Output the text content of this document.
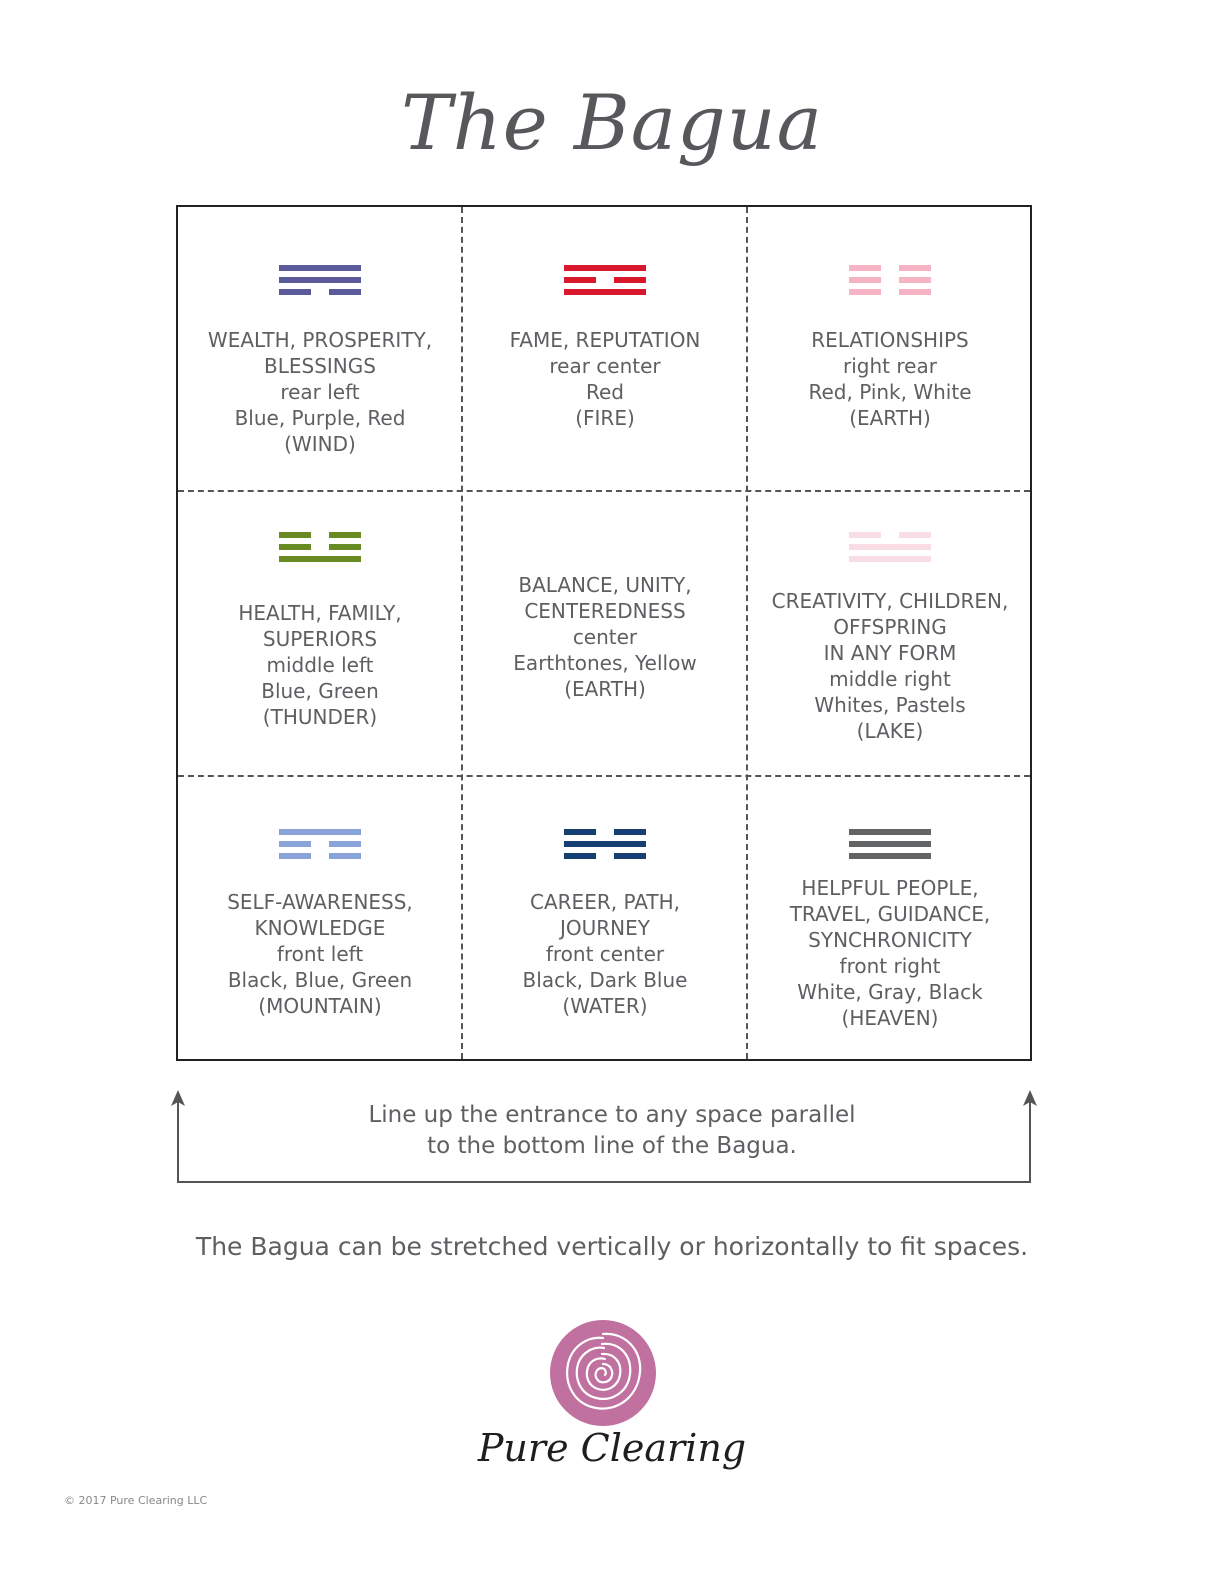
The Bagua
WEALTH, PROSPERITY,
BLESSINGS
rear left
Blue, Purple, Red
(WIND)
FAME, REPUTATION
rear center
Red
(FIRE)
RELATIONSHIPS
right rear
Red, Pink, White
(EARTH)
HEALTH, FAMILY,
SUPERIORS
middle left
Blue, Green
(THUNDER)
BALANCE, UNITY,
CENTEREDNESS
center
Earthtones, Yellow
(EARTH)
CREATIVITY, CHILDREN,
OFFSPRING
IN ANY FORM
middle right
Whites, Pastels
(LAKE)
SELF-AWARENESS,
KNOWLEDGE
front left
Black, Blue, Green
(MOUNTAIN)
CAREER, PATH,
JOURNEY
front center
Black, Dark Blue
(WATER)
HELPFUL PEOPLE,
TRAVEL, GUIDANCE,
SYNCHRONICITY
front right
White, Gray, Black
(HEAVEN)
Line up the entrance to any space parallel
to the bottom line of the Bagua.
The Bagua can be stretched vertically or horizontally to fit spaces.
Pure Clearing
© 2017 Pure Clearing LLC
